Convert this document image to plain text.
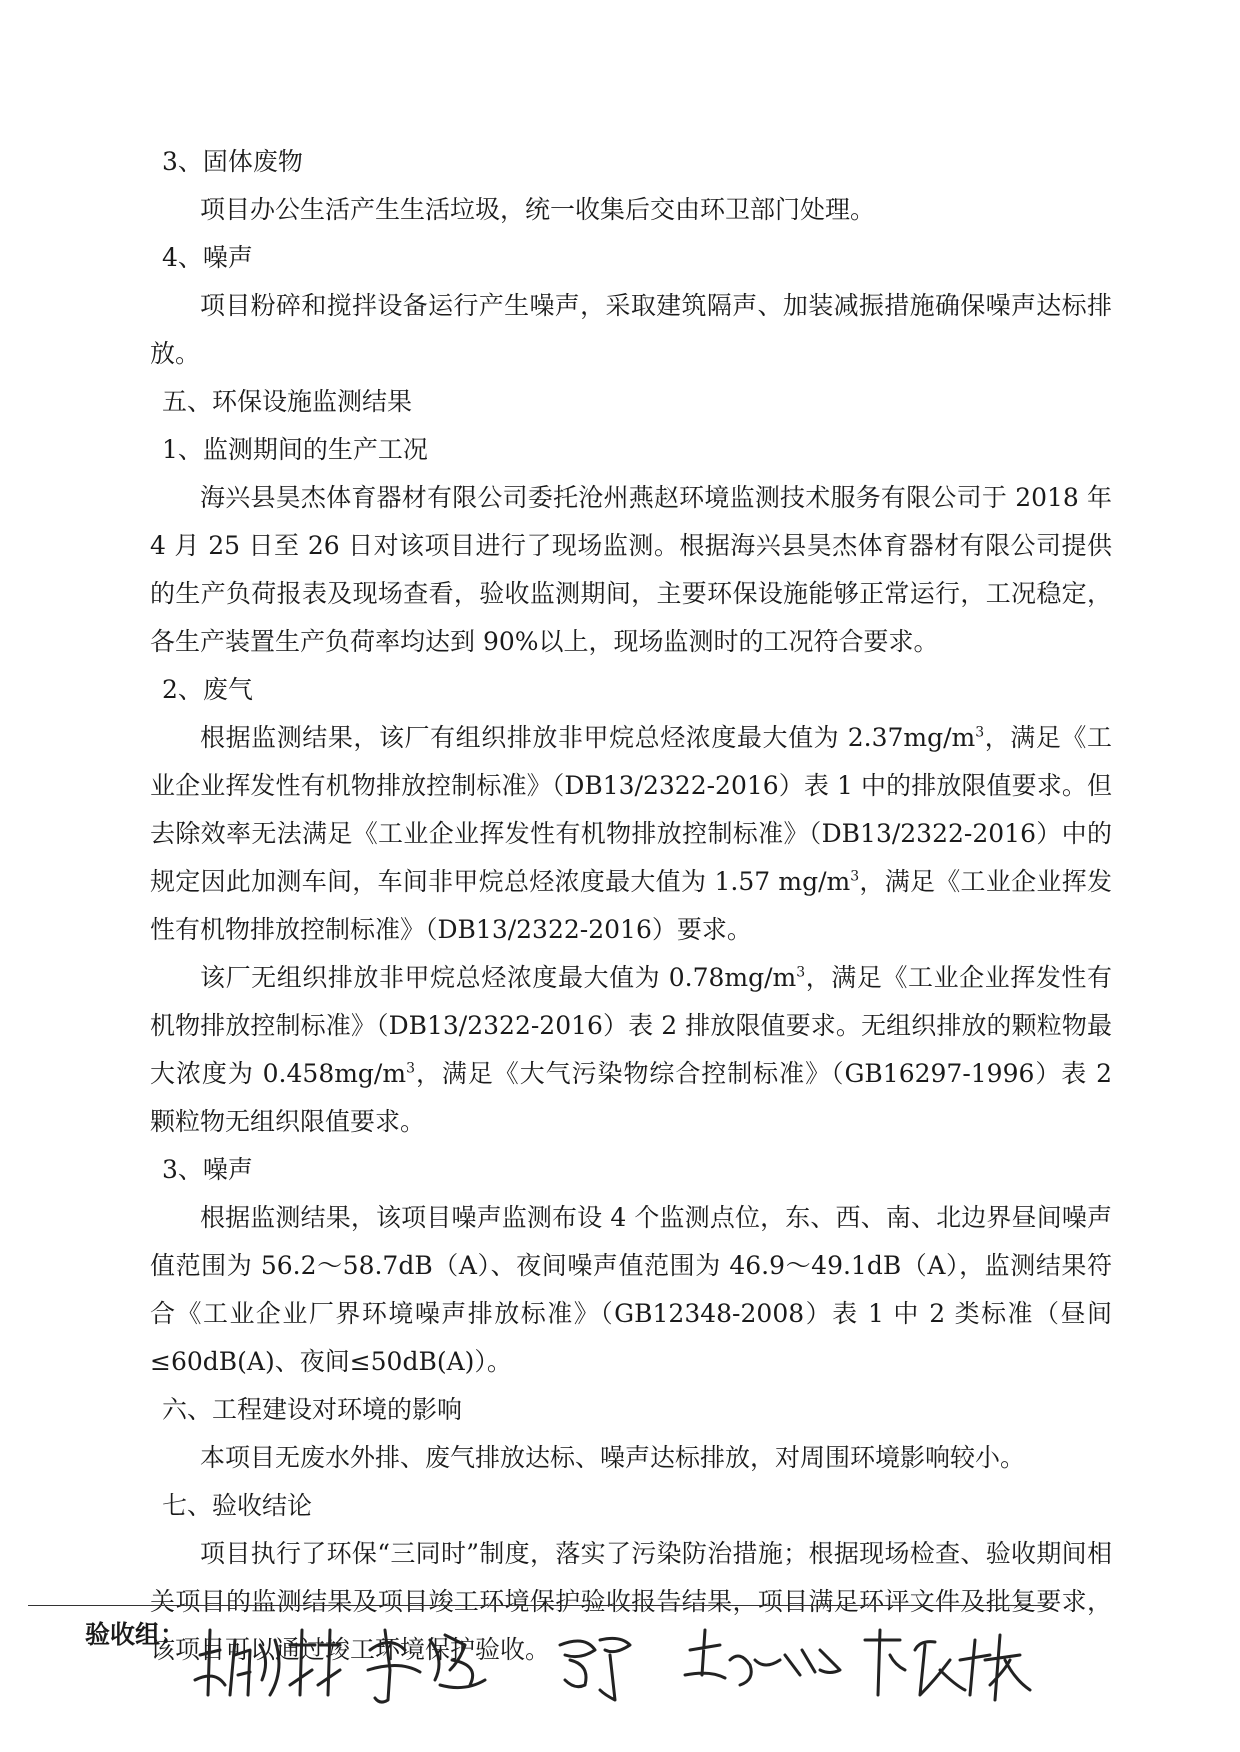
3、固体废物
项目办公生活产生生活垃圾，统一收集后交由环卫部门处理。
4、噪声
项目粉碎和搅拌设备运行产生噪声，采取建筑隔声、加装减振措施确保噪声达标排放。
五、环保设施监测结果
1、监测期间的生产工况
海兴县昊杰体育器材有限公司委托沧州燕赵环境监测技术服务有限公司于 2018 年 4 月 25 日至 26 日对该项目进行了现场监测。根据海兴县昊杰体育器材有限公司提供的生产负荷报表及现场查看，验收监测期间，主要环保设施能够正常运行，工况稳定，各生产装置生产负荷率均达到 90%以上，现场监测时的工况符合要求。
2、废气
根据监测结果，该厂有组织排放非甲烷总烃浓度最大值为 $2.37mg/m^3$，满足《工业企业挥发性有机物排放控制标准》（DB13/2322-2016）表 1 中的排放限值要求。但去除效率无法满足《工业企业挥发性有机物排放控制标准》（DB13/2322-2016）中的规定因此加测车间，车间非甲烷总烃浓度最大值为 1.57 $mg/m^3$，满足《工业企业挥发性有机物排放控制标准》（DB13/2322-2016）要求。
该厂无组织排放非甲烷总烃浓度最大值为 $0.78mg/m^3$，满足《工业企业挥发性有机物排放控制标准》（DB13/2322-2016）表 2 排放限值要求。无组织排放的颗粒物最大浓度为 $0.458mg/m^3$，满足《大气污染物综合控制标准》（GB16297-1996）表 2 颗粒物无组织限值要求。
3、噪声
根据监测结果，该项目噪声监测布设 4 个监测点位，东、西、南、北边界昼间噪声值范围为 56.2～58.7dB（A）、夜间噪声值范围为 46.9～49.1dB（A），监测结果符合《工业企业厂界环境噪声排放标准》（GB12348-2008）表 1 中 2 类标准（昼间≤60dB(A)、夜间≤50dB(A)）。
六、工程建设对环境的影响
本项目无废水外排、废气排放达标、噪声达标排放，对周围环境影响较小。
七、验收结论
项目执行了环保“三同时”制度，落实了污染防治措施；根据现场检查、验收期间相关项目的监测结果及项目竣工环境保护验收报告结果，项目满足环评文件及批复要求，该项目可以通过竣工环境保护验收。
验收组：
